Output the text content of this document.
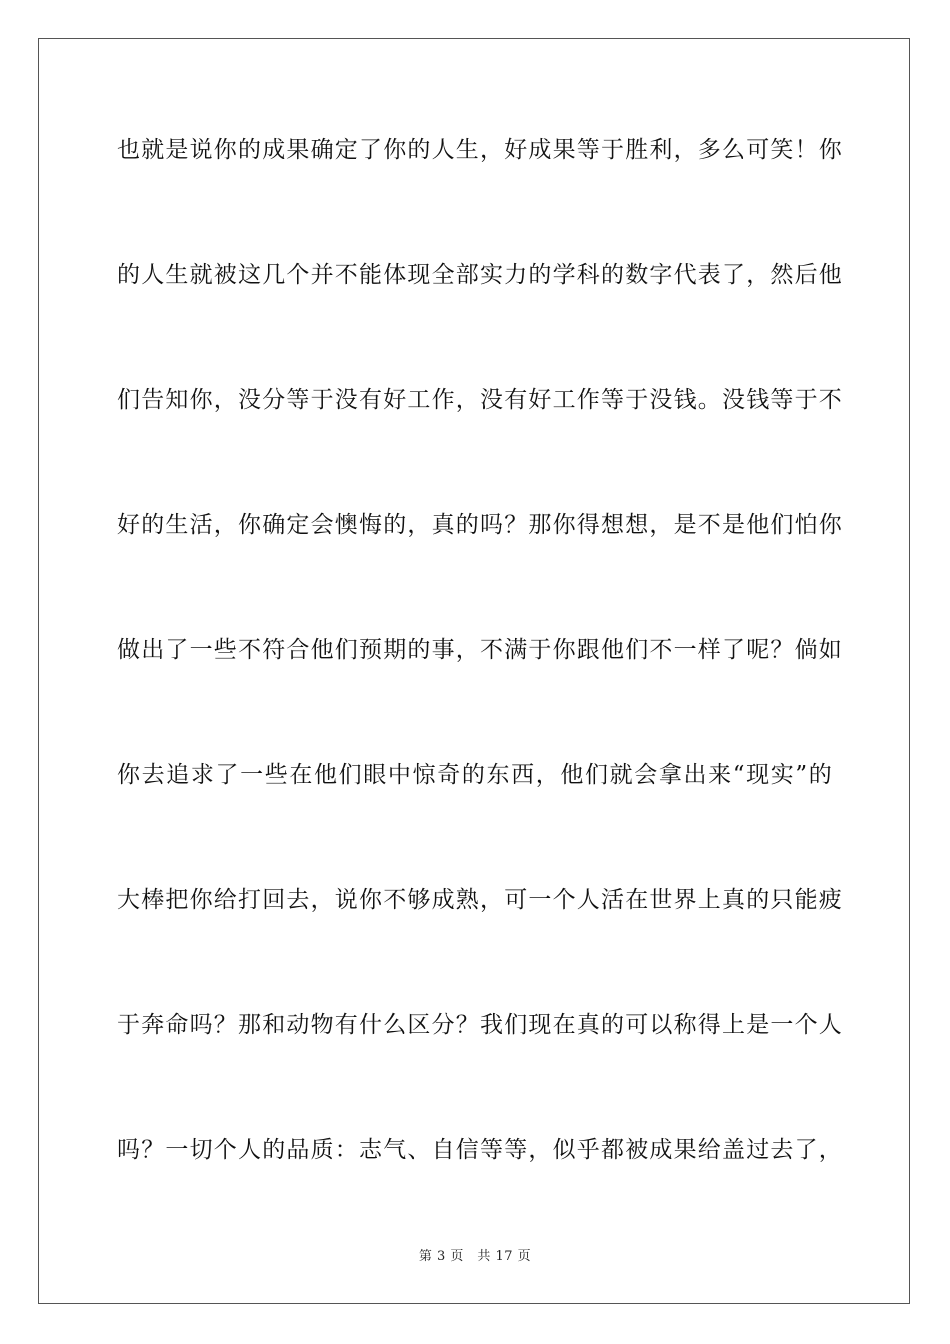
也就是说你的成果确定了你的人生，好成果等于胜利，多么可笑！你
的人生就被这几个并不能体现全部实力的学科的数字代表了，然后他
们告知你，没分等于没有好工作，没有好工作等于没钱。没钱等于不
好的生活，你确定会懊悔的，真的吗？那你得想想，是不是他们怕你
做出了一些不符合他们预期的事，不满于你跟他们不一样了呢？倘如
你去追求了一些在他们眼中惊奇的东西，他们就会拿出来“现实”的
大棒把你给打回去，说你不够成熟，可一个人活在世界上真的只能疲
于奔命吗？那和动物有什么区分？我们现在真的可以称得上是一个人
吗？一切个人的品质：志气、自信等等，似乎都被成果给盖过去了，
第 3 页　共 17 页
